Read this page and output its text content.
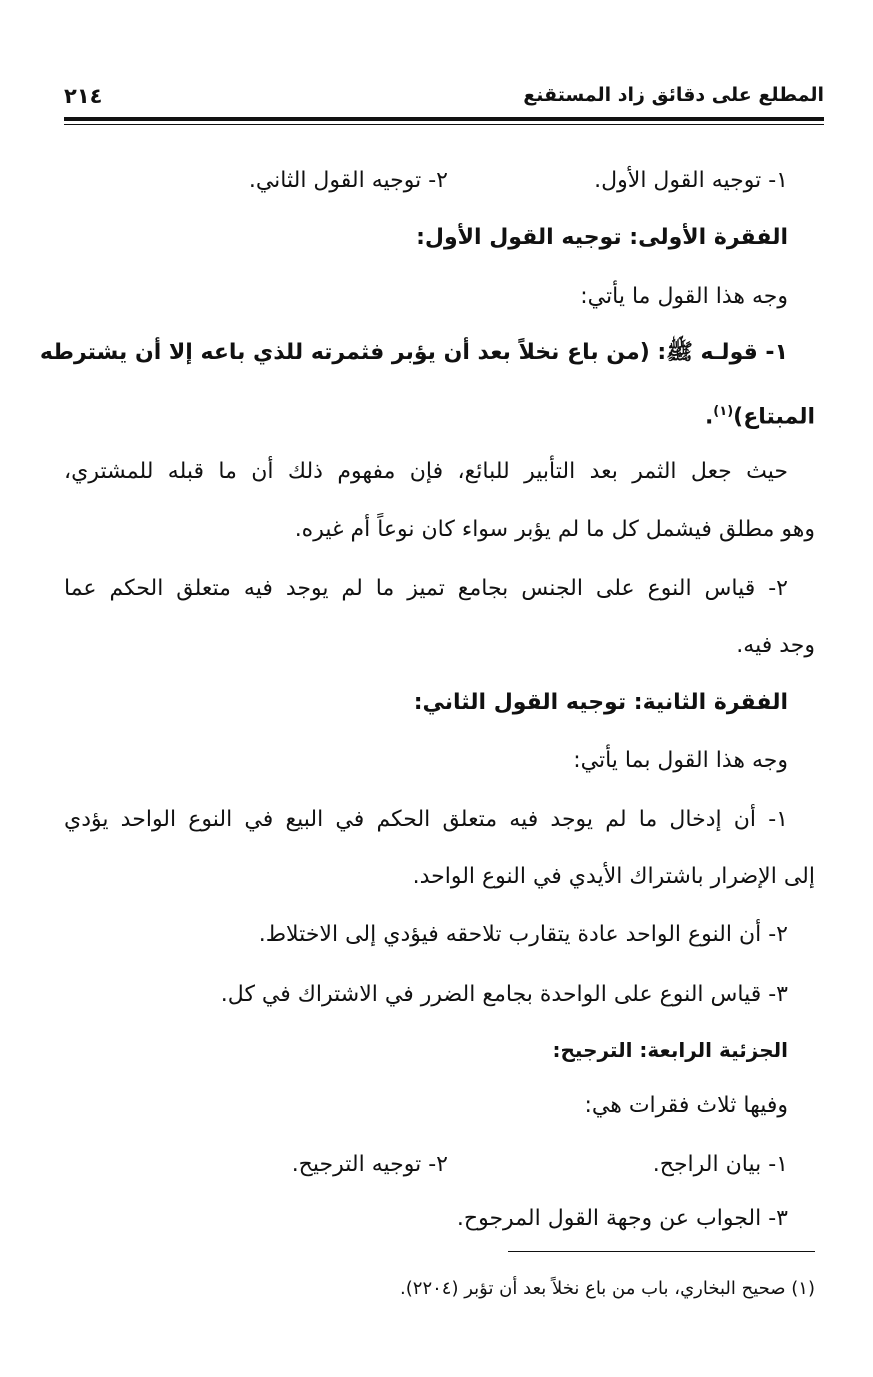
المطلع على دقائق زاد المستقنع
٢١٤
١- توجيه القول الأول.
٢- توجيه القول الثاني.
الفقرة الأولى: توجيه القول الأول:
وجه هذا القول ما يأتي:
١- قولـه ﷺ: (من باع نخلاً بعد أن يؤبر فثمرته للذي باعه إلا أن يشترطه
المبتاع)$^{(١)}$.
حيث جعل الثمر بعد التأبير للبائع، فإن مفهوم ذلك أن ما قبله للمشتري،
وهو مطلق فيشمل كل ما لم يؤبر سواء كان نوعاً أم غيره.
٢- قياس النوع على الجنس بجامع تميز ما لم يوجد فيه متعلق الحكم عما
وجد فيه.
الفقرة الثانية: توجيه القول الثاني:
وجه هذا القول بما يأتي:
١- أن إدخال ما لم يوجد فيه متعلق الحكم في البيع في النوع الواحد يؤدي
إلى الإضرار باشتراك الأيدي في النوع الواحد.
٢- أن النوع الواحد عادة يتقارب تلاحقه فيؤدي إلى الاختلاط.
٣- قياس النوع على الواحدة بجامع الضرر في الاشتراك في كل.
الجزئية الرابعة: الترجيح:
وفيها ثلاث فقرات هي:
١- بيان الراجح.
٢- توجيه الترجيح.
٣- الجواب عن وجهة القول المرجوح.
(١) صحيح البخاري، باب من باع نخلاً بعد أن تؤبر (٢٢٠٤).
